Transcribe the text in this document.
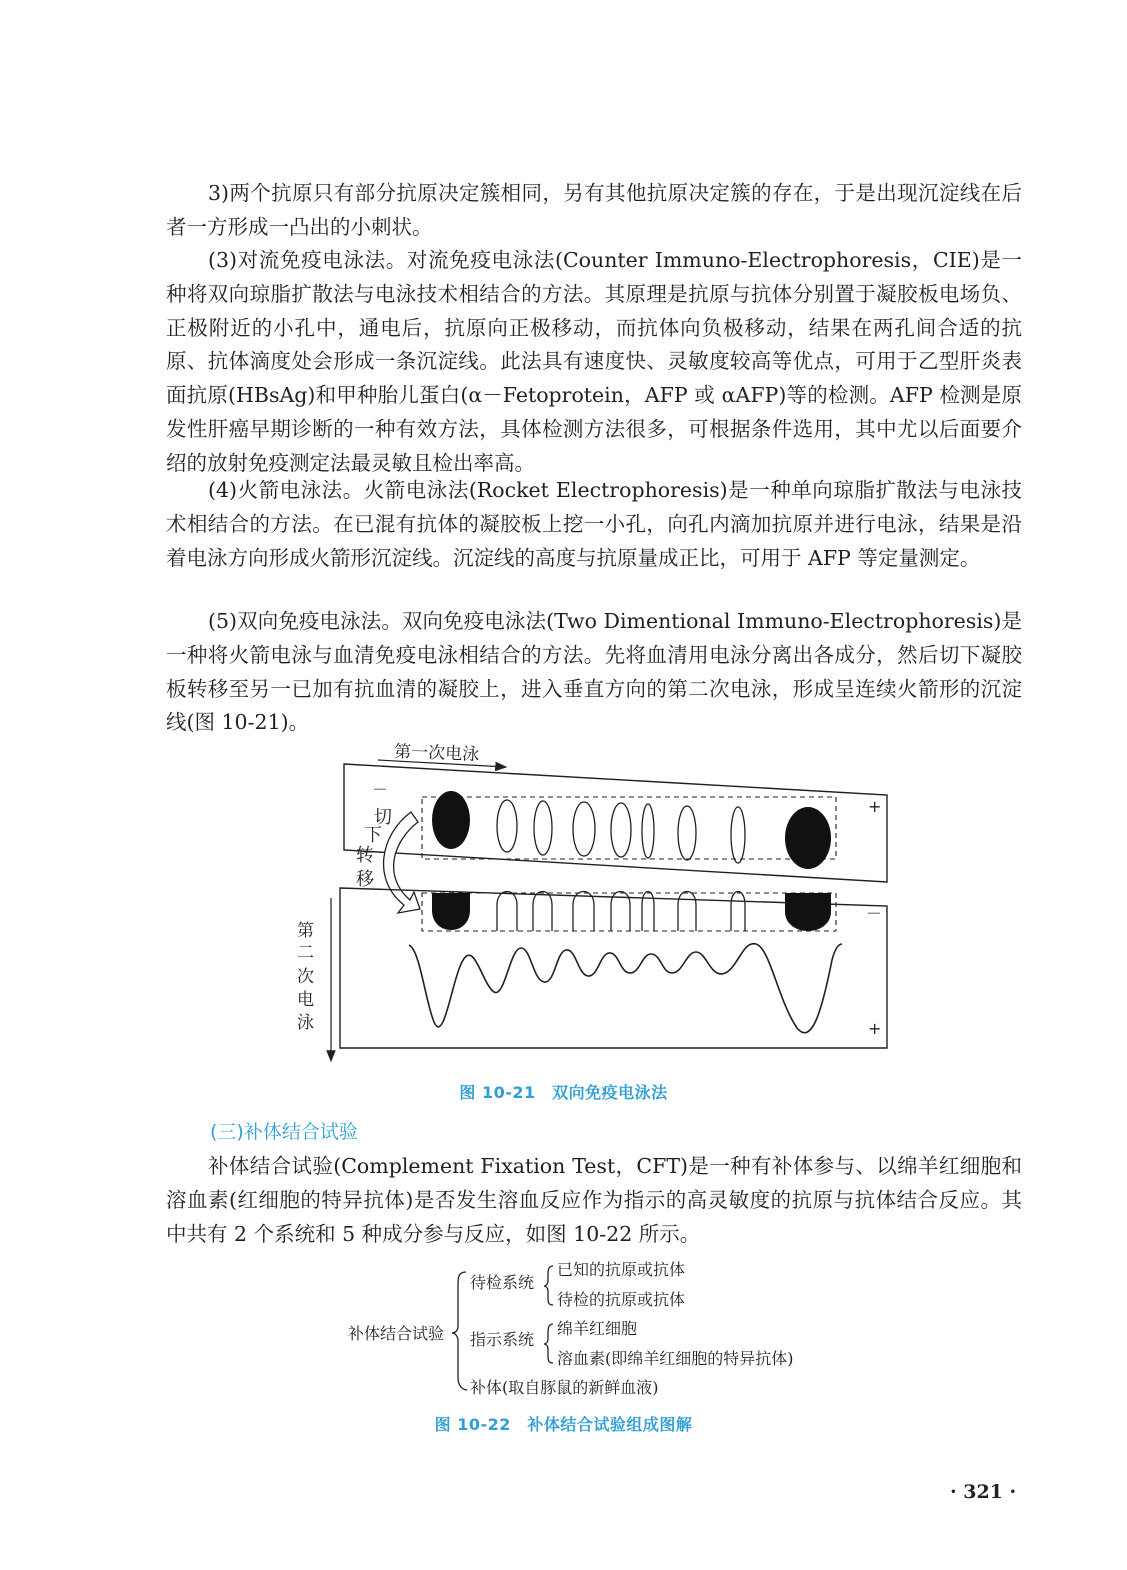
3)两个抗原只有部分抗原决定簇相同，另有其他抗原决定簇的存在，于是出现沉淀线在后者一方形成一凸出的小刺状。

(3)对流免疫电泳法。对流免疫电泳法(Counter Immuno-Electrophoresis，CIE)是一种将双向琼脂扩散法与电泳技术相结合的方法。其原理是抗原与抗体分别置于凝胶板电场负、正极附近的小孔中，通电后，抗原向正极移动，而抗体向负极移动，结果在两孔间合适的抗原、抗体滴度处会形成一条沉淀线。此法具有速度快、灵敏度较高等优点，可用于乙型肝炎表面抗原(HBsAg)和甲种胎儿蛋白(α－Fetoprotein，AFP 或 αAFP)等的检测。AFP 检测是原发性肝癌早期诊断的一种有效方法，具体检测方法很多，可根据条件选用，其中尤以后面要介绍的放射免疫测定法最灵敏且检出率高。

(4)火箭电泳法。火箭电泳法(Rocket Electrophoresis)是一种单向琼脂扩散法与电泳技术相结合的方法。在已混有抗体的凝胶板上挖一小孔，向孔内滴加抗原并进行电泳，结果是沿着电泳方向形成火箭形沉淀线。沉淀线的高度与抗原量成正比，可用于 AFP 等定量测定。

(5)双向免疫电泳法。双向免疫电泳法(Two Dimentional Immuno-Electrophoresis)是一种将火箭电泳与血清免疫电泳相结合的方法。先将血清用电泳分离出各成分，然后切下凝胶板转移至另一已加有抗血清的凝胶上，进入垂直方向的第二次电泳，形成呈连续火箭形的沉淀线(图 10-21)。

第一次电泳
－
+
切
下
转
移
－
+
第
二
次
电
泳
补体结合试验
待检系统
已知的抗原或抗体
待检的抗原或抗体
指示系统
绵羊红细胞
溶血素(即绵羊红细胞的特异抗体)
补体(取自豚鼠的新鲜血液)
图 10-21　双向免疫电泳法
(三)补体结合试验

补体结合试验(Complement Fixation Test，CFT)是一种有补体参与、以绵羊红细胞和溶血素(红细胞的特异抗体)是否发生溶血反应作为指示的高灵敏度的抗原与抗体结合反应。其中共有 2 个系统和 5 种成分参与反应，如图 10-22 所示。

图 10-22　补体结合试验组成图解
· 321 ·
